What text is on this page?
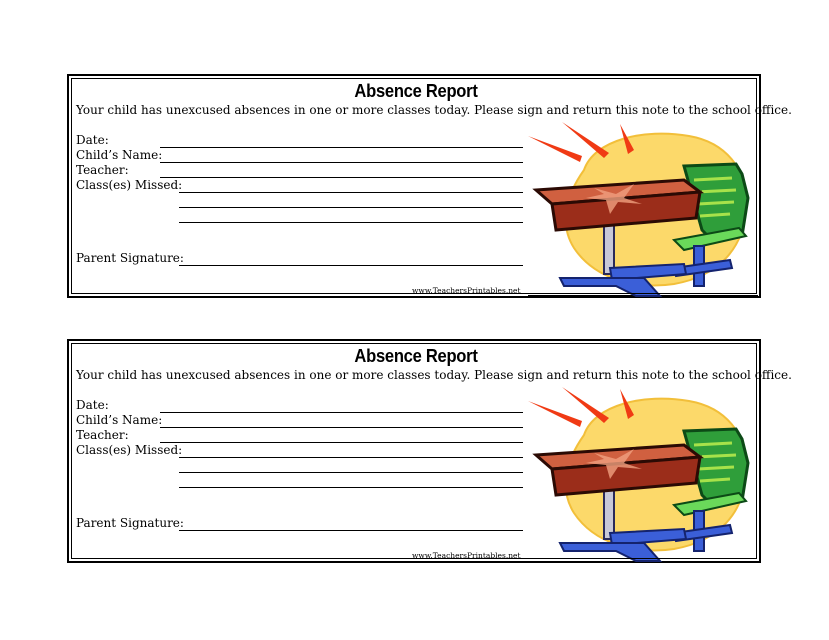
Absence Report
Your child has unexcused absences in one or more classes today. Please sign and return this note to the school office.
Date:
Child’s Name:
Teacher:
Class(es) Missed:
Parent Signature:
www.TeachersPrintables.net
Absence Report
Your child has unexcused absences in one or more classes today. Please sign and return this note to the school office.
Date:
Child’s Name:
Teacher:
Class(es) Missed:
Parent Signature:
www.TeachersPrintables.net
